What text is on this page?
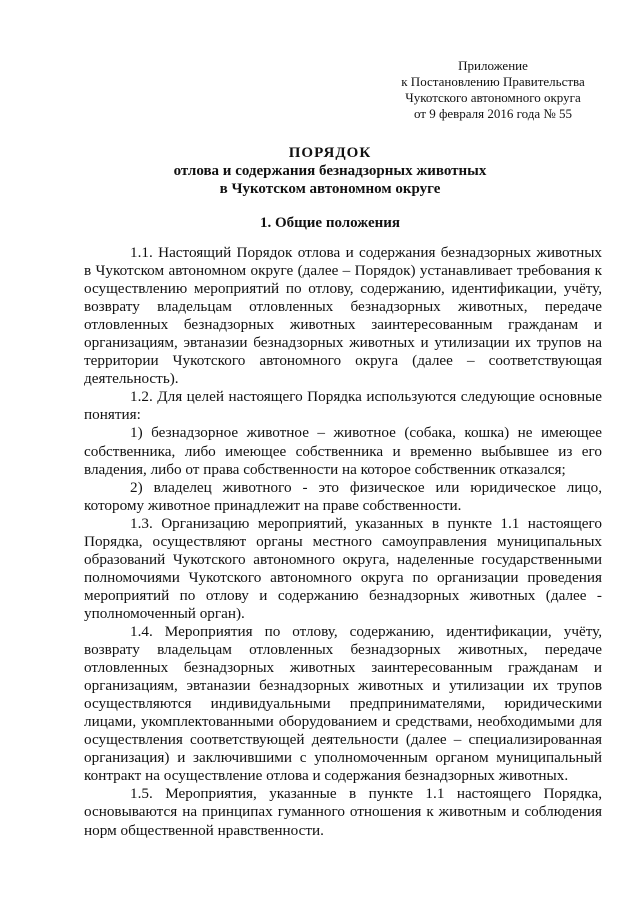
Приложение
к Постановлению Правительства
Чукотского автономного округа
от 9 февраля 2016 года № 55
ПОРЯДОК
отлова и содержания безнадзорных животных
в Чукотском автономном округе
1. Общие положения

1.1. Настоящий Порядок отлова и содержания безнадзорных животных в Чукотском автономном округе (далее – Порядок) устанавливает требования к осуществлению мероприятий по отлову, содержанию, идентификации, учёту, возврату владельцам отловленных безнадзорных животных, передаче отловленных безнадзорных животных заинтересованным гражданам и организациям, эвтаназии безнадзорных животных и утилизации их трупов на территории Чукотского автономного округа (далее – соответствующая деятельность).

1.2. Для целей настоящего Порядка используются следующие основные понятия:

1) безнадзорное животное – животное (собака, кошка) не имеющее собственника, либо имеющее собственника и временно выбывшее из его владения, либо от права собственности на которое собственник отказался;

2) владелец животного - это физическое или юридическое лицо, которому животное принадлежит на праве собственности.

1.3. Организацию мероприятий, указанных в пункте 1.1 настоящего Порядка, осуществляют органы местного самоуправления муниципальных образований Чукотского автономного округа, наделенные государственными полномочиями Чукотского автономного округа по организации проведения мероприятий по отлову и содержанию безнадзорных животных (далее - уполномоченный орган).

1.4. Мероприятия по отлову, содержанию, идентификации, учёту, возврату владельцам отловленных безнадзорных животных, передаче отловленных безнадзорных животных заинтересованным гражданам и организациям, эвтаназии безнадзорных животных и утилизации их трупов осуществляются индивидуальными предпринимателями, юридическими лицами, укомплектованными оборудованием и средствами, необходимыми для осуществления соответствующей деятельности (далее – специализированная организация) и заключившими с уполномоченным органом муниципальный контракт на осуществление отлова и содержания безнадзорных животных.

1.5. Мероприятия, указанные в пункте 1.1 настоящего Порядка, основываются на принципах гуманного отношения к животным и соблюдения норм общественной нравственности.
